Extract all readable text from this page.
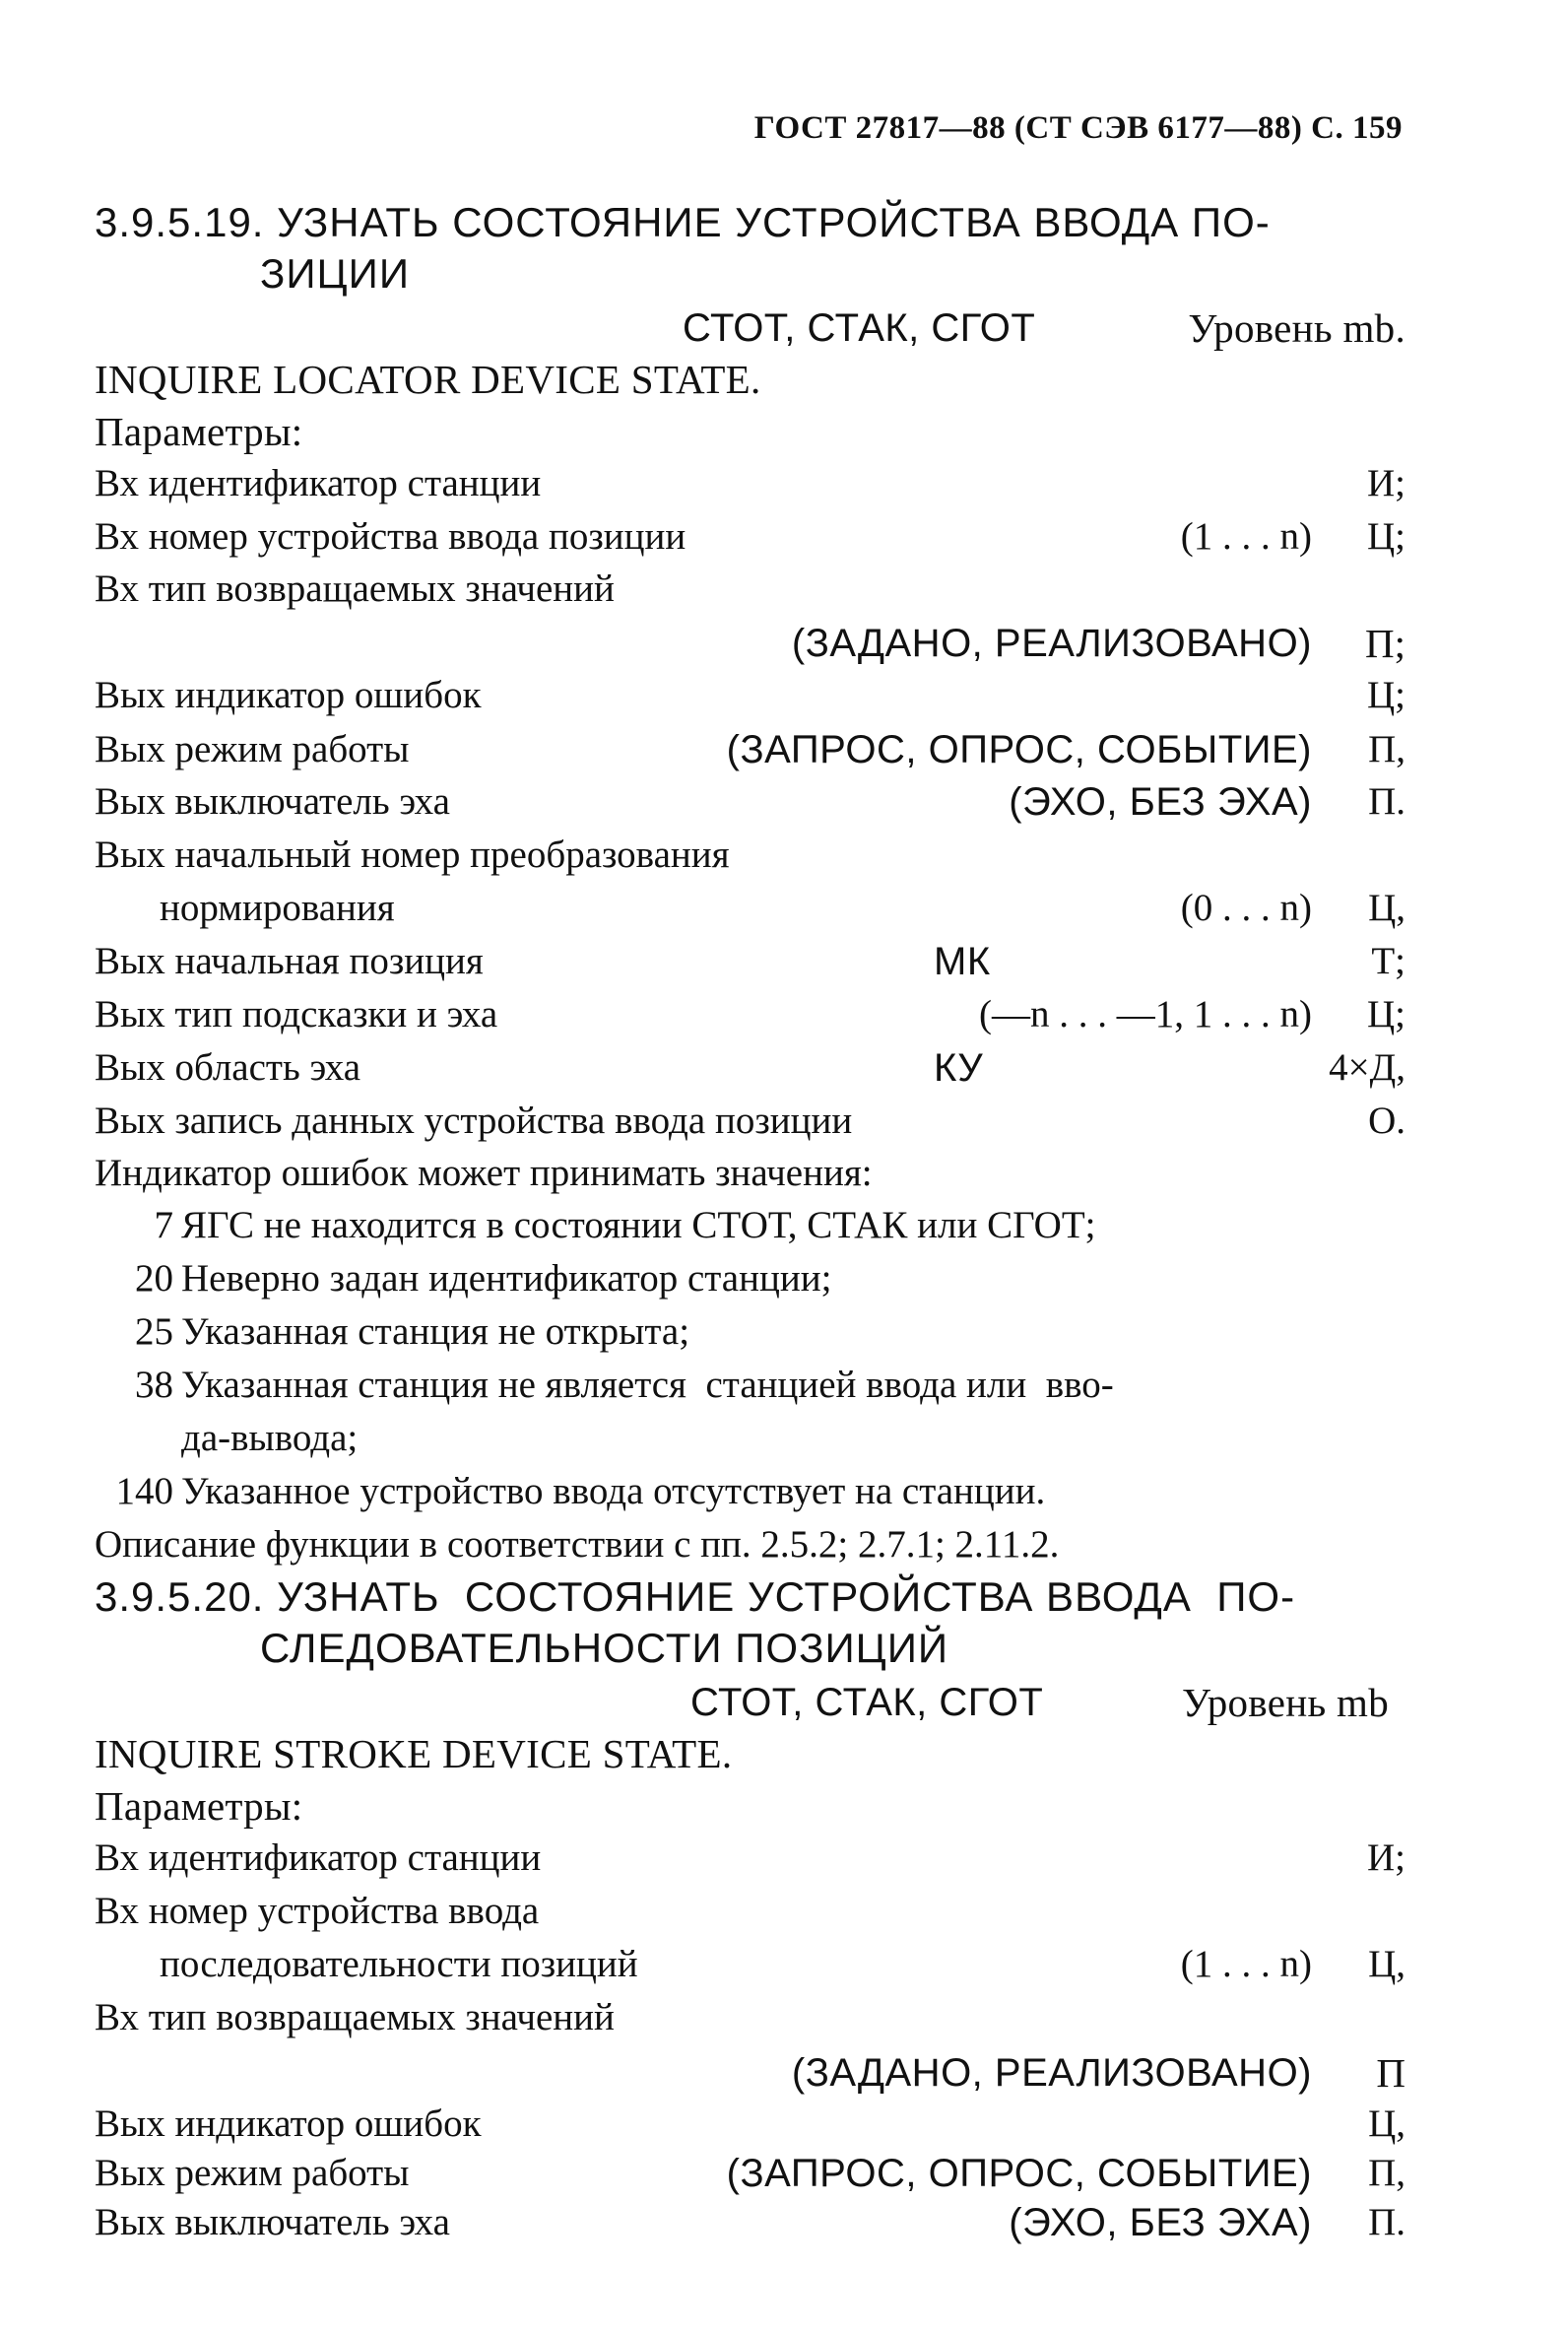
ГОСТ 27817—88 (СТ СЭВ 6177—88) С. 159
3.9.5.19. УЗНАТЬ СОСТОЯНИЕ УСТРОЙСТВА ВВОДА ПО-
ЗИЦИИ
СТОТ, СТАК, СГОТ	Уровень mb.
INQUIRE LOCATOR DEVICE STATE.
Параметры:
Вх идентификатор станции	И;
Вх номер устройства ввода позиции	(1 . . . n) Ц;
Вх тип возвращаемых значений
(ЗАДАНО, РЕАЛИЗОВАНО) П;
Вых индикатор ошибок	Ц;
Вых режим работы	(ЗАПРОС, ОПРОС, СОБЫТИЕ) П,
Вых выключатель эха	(ЭХО, БЕЗ ЭХА) П.
Вых начальный номер преобразования
нормирования	(0 . . . n) Ц,
Вых начальная позиция	МК	Т;
Вых тип подсказки и эха	(—n . . . —1, 1 . . . n) Ц;
Вых область эха	КУ	4×Д,
Вых запись данных устройства ввода позиции	О.
Индикатор ошибок может принимать значения:
7 ЯГС не находится в состоянии СТОТ, СТАК или СГОТ;
20 Неверно задан идентификатор станции;
25 Указанная станция не открыта;
38 Указанная станция не является  станцией ввода или  вво-
да-вывода;
140 Указанное устройство ввода отсутствует на станции.
Описание функции в соответствии с пп. 2.5.2; 2.7.1; 2.11.2.
3.9.5.20. УЗНАТЬ  СОСТОЯНИЕ УСТРОЙСТВА ВВОДА  ПО-
СЛЕДОВАТЕЛЬНОСТИ ПОЗИЦИЙ
СТОТ, СТАК, СГОТ	Уровень mb
INQUIRE STROKE DEVICE STATE.
Параметры:
Вх идентификатор станции	И;
Вх номер устройства ввода
последовательности позиций	(1 . . . n) Ц,
Вх тип возвращаемых значений
(ЗАДАНО, РЕАЛИЗОВАНО) П
Вых индикатор ошибок	Ц,
Вых режим работы	(ЗАПРОС, ОПРОС, СОБЫТИЕ) П,
Вых выключатель эха	(ЭХО, БЕЗ ЭХА) П.
